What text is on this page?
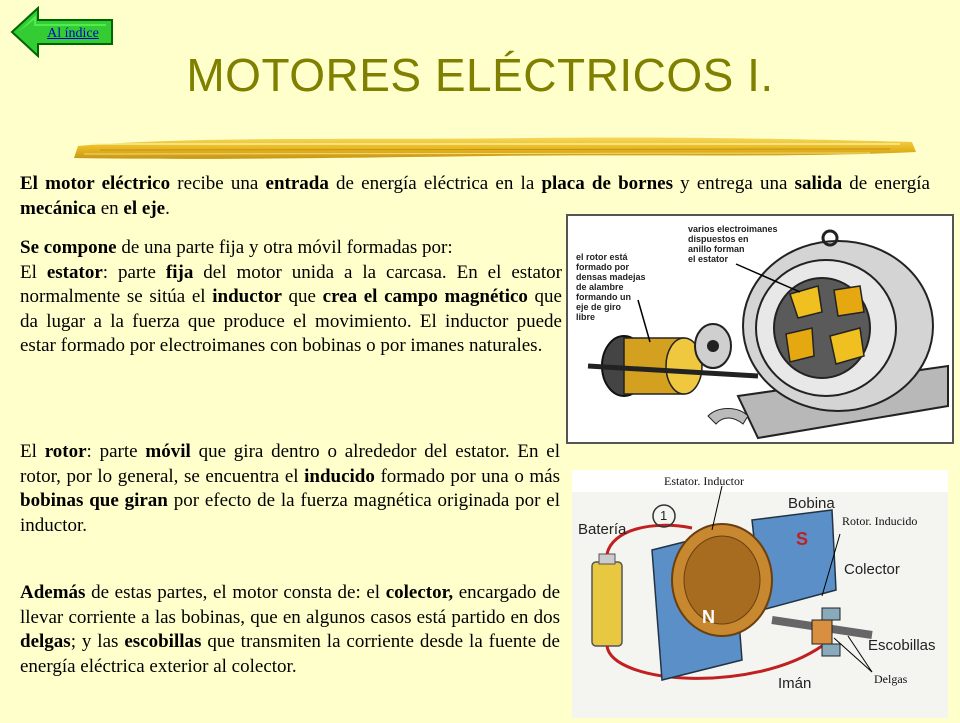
Al índice
MOTORES ELÉCTRICOS I.

El motor eléctrico recibe una entrada de energía eléctrica en la placa de bornes y entrega una salida de energía mecánica en el eje.

Se compone de una parte fija y otra móvil formadas por:
El estator: parte fija del motor unida a la carcasa. En el estator normalmente se sitúa el inductor que crea el campo magnético que da lugar a la fuerza que produce el movimiento. El inductor puede estar formado por electroimanes con bobinas o por imanes naturales.

El rotor: parte móvil que gira dentro o alrededor del estator. En el rotor, por lo general, se encuentra el inducido formado por una o más bobinas que giran por efecto de la fuerza magnética originada por el inductor.

Además de estas partes, el motor consta de: el colector, encargado de llevar corriente a las bobinas, que en algunos casos está partido en dos delgas; y las escobillas que transmiten la corriente desde la fuente de energía eléctrica exterior al colector.

el rotor está
formado por
densas madejas
de alambre
formando un
eje de giro
libre
varios electroimanes
dispuestos en
anillo forman
el estator
Estator. Inductor
Rotor. Inducido
Delgas
Batería
Bobina
Colector
Escobillas
Imán
N
S
1
